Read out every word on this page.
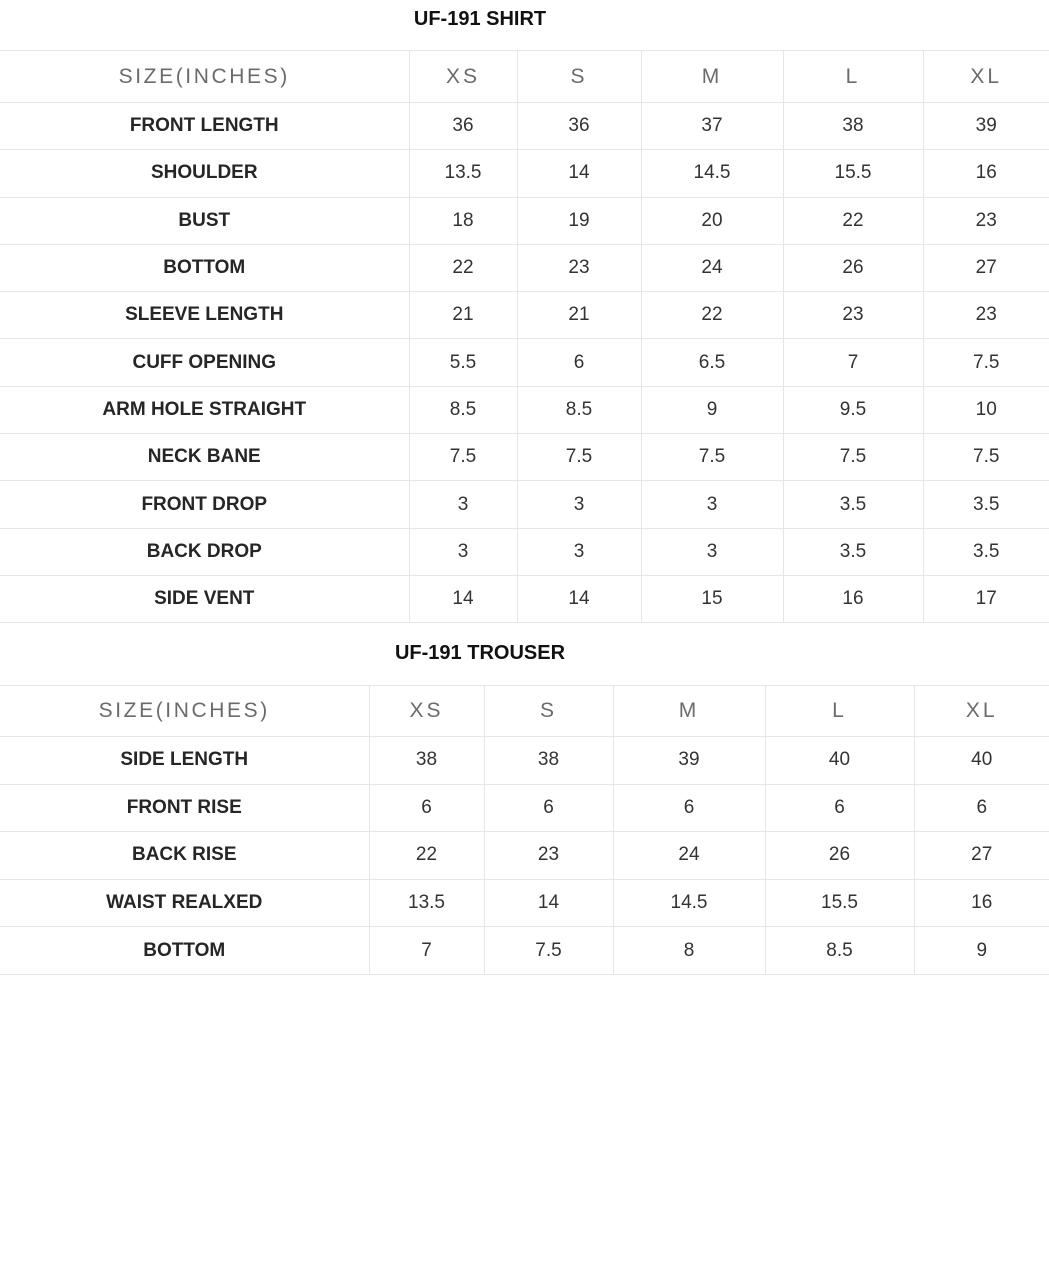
UF-191 SHIRT
SIZE(INCHES)	XS	S	M	L	XL
FRONT LENGTH	36	36	37	38	39
SHOULDER	13.5	14	14.5	15.5	16
BUST	18	19	20	22	23
BOTTOM	22	23	24	26	27
SLEEVE LENGTH	21	21	22	23	23
CUFF OPENING	5.5	6	6.5	7	7.5
ARM HOLE STRAIGHT	8.5	8.5	9	9.5	10
NECK BANE	7.5	7.5	7.5	7.5	7.5
FRONT DROP	3	3	3	3.5	3.5
BACK DROP	3	3	3	3.5	3.5
SIDE VENT	14	14	15	16	17
UF-191 TROUSER
SIZE(INCHES)	XS	S	M	L	XL
SIDE LENGTH	38	38	39	40	40
FRONT RISE	6	6	6	6	6
BACK RISE	22	23	24	26	27
WAIST REALXED	13.5	14	14.5	15.5	16
BOTTOM	7	7.5	8	8.5	9
